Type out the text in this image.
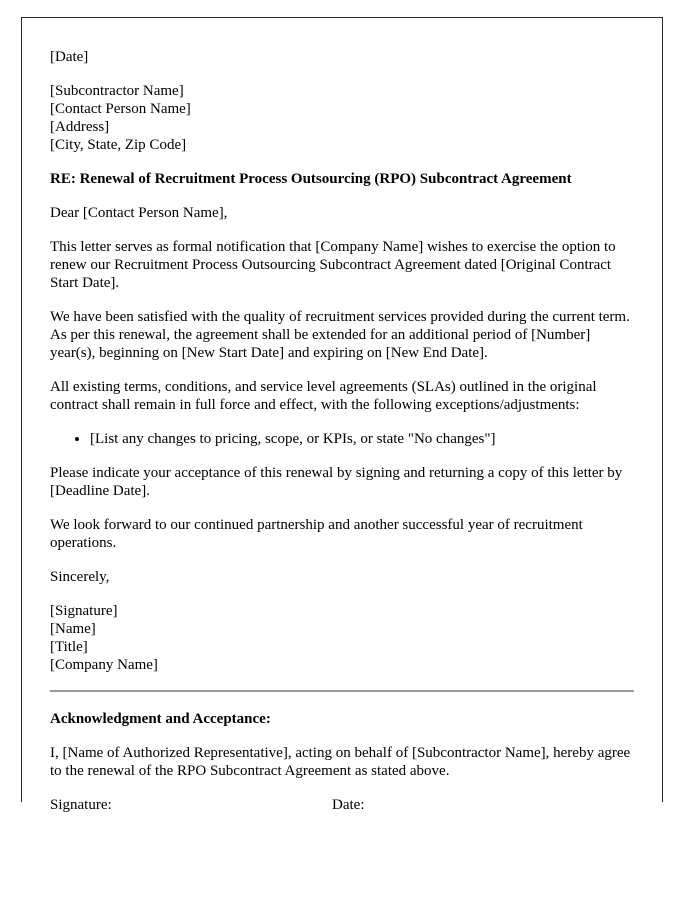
[Date]

[Subcontractor Name]
[Contact Person Name]
[Address]
[City, State, Zip Code]

RE: Renewal of Recruitment Process Outsourcing (RPO) Subcontract Agreement

Dear [Contact Person Name],

This letter serves as formal notification that [Company Name] wishes to exercise the option to renew our Recruitment Process Outsourcing Subcontract Agreement dated [Original Contract Start Date].

We have been satisfied with the quality of recruitment services provided during the current term. As per this renewal, the agreement shall be extended for an additional period of [Number] year(s), beginning on [New Start Date] and expiring on [New End Date].

All existing terms, conditions, and service level agreements (SLAs) outlined in the original contract shall remain in full force and effect, with the following exceptions/adjustments:

• [List any changes to pricing, scope, or KPIs, or state "No changes"]

Please indicate your acceptance of this renewal by signing and returning a copy of this letter by [Deadline Date].

We look forward to our continued partnership and another successful year of recruitment operations.

Sincerely,

[Signature]
[Name]
[Title]
[Company Name]

Acknowledgment and Acceptance:

I, [Name of Authorized Representative], acting on behalf of [Subcontractor Name], hereby agree to the renewal of the RPO Subcontract Agreement as stated above.

Signature:	Date:
